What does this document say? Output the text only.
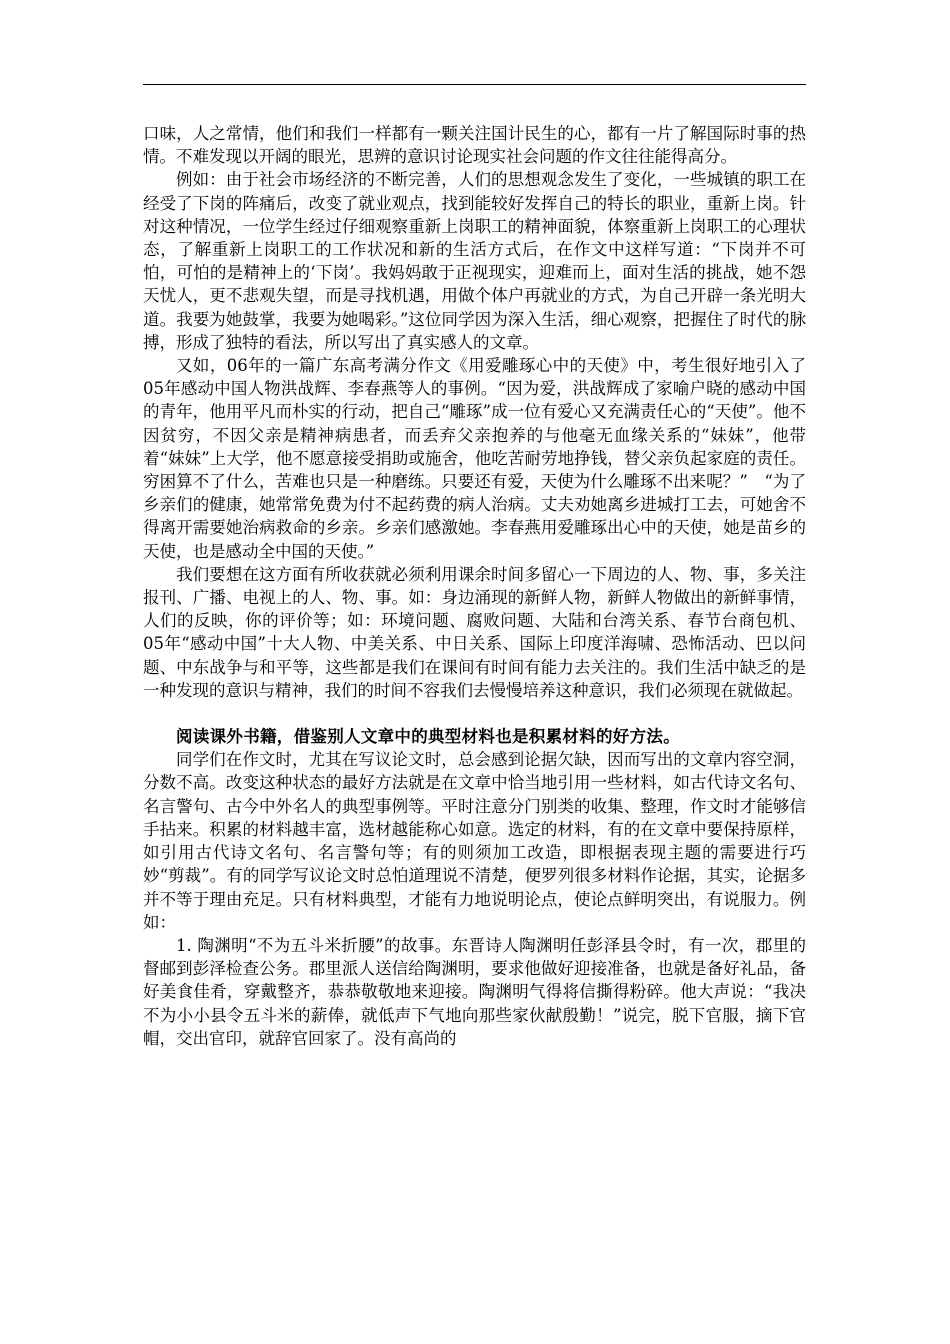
口味，人之常情，他们和我们一样都有一颗关注国计民生的心，都有一片了解国际时事的热情。不难发现以开阔的眼光，思辨的意识讨论现实社会问题的作文往往能得高分。

例如：由于社会市场经济的不断完善，人们的思想观念发生了变化，一些城镇的职工在经受了下岗的阵痛后，改变了就业观点，找到能较好发挥自己的特长的职业，重新上岗。针对这种情况，一位学生经过仔细观察重新上岗职工的精神面貌，体察重新上岗职工的心理状态，了解重新上岗职工的工作状况和新的生活方式后，在作文中这样写道：“下岗并不可怕，可怕的是精神上的‘下岗’。我妈妈敢于正视现实，迎难而上，面对生活的挑战，她不怨天忧人，更不悲观失望，而是寻找机遇，用做个体户再就业的方式，为自己开辟一条光明大道。我要为她鼓掌，我要为她喝彩。”这位同学因为深入生活，细心观察，把握住了时代的脉搏，形成了独特的看法，所以写出了真实感人的文章。

又如，06年的一篇广东高考满分作文《用爱雕琢心中的天使》中，考生很好地引入了05年感动中国人物洪战辉、李春燕等人的事例。“因为爱，洪战辉成了家喻户晓的感动中国的青年，他用平凡而朴实的行动，把自己“雕琢”成一位有爱心又充满责任心的“天使”。他不因贫穷，不因父亲是精神病患者，而丢弃父亲抱养的与他毫无血缘关系的“妹妹”，他带着“妹妹”上大学，他不愿意接受捐助或施舍，他吃苦耐劳地挣钱，替父亲负起家庭的责任。穷困算不了什么，苦难也只是一种磨练。只要还有爱，天使为什么雕琢不出来呢？”　“为了乡亲们的健康，她常常免费为付不起药费的病人治病。丈夫劝她离乡进城打工去，可她舍不得离开需要她治病救命的乡亲。乡亲们感激她。李春燕用爱雕琢出心中的天使，她是苗乡的天使，也是感动全中国的天使。”

我们要想在这方面有所收获就必须利用课余时间多留心一下周边的人、物、事，多关注报刊、广播、电视上的人、物、事。如：身边涌现的新鲜人物，新鲜人物做出的新鲜事情，人们的反映，你的评价等；如：环境问题、腐败问题、大陆和台湾关系、春节台商包机、05年“感动中国”十大人物、中美关系、中日关系、国际上印度洋海啸、恐怖活动、巴以问题、中东战争与和平等，这些都是我们在课间有时间有能力去关注的。我们生活中缺乏的是一种发现的意识与精神，我们的时间不容我们去慢慢培养这种意识，我们必须现在就做起。

阅读课外书籍，借鉴别人文章中的典型材料也是积累材料的好方法。

同学们在作文时，尤其在写议论文时，总会感到论据欠缺，因而写出的文章内容空洞，分数不高。改变这种状态的最好方法就是在文章中恰当地引用一些材料，如古代诗文名句、名言警句、古今中外名人的典型事例等。平时注意分门别类的收集、整理，作文时才能够信手拈来。积累的材料越丰富，选材越能称心如意。选定的材料，有的在文章中要保持原样，如引用古代诗文名句、名言警句等；有的则须加工改造，即根据表现主题的需要进行巧妙“剪裁”。有的同学写议论文时总怕道理说不清楚，便罗列很多材料作论据，其实，论据多并不等于理由充足。只有材料典型，才能有力地说明论点，使论点鲜明突出，有说服力。例如：

1. 陶渊明“不为五斗米折腰”的故事。东晋诗人陶渊明任彭泽县令时，有一次，郡里的督邮到彭泽检查公务。郡里派人送信给陶渊明，要求他做好迎接准备，也就是备好礼品，备好美食佳肴，穿戴整齐，恭恭敬敬地来迎接。陶渊明气得将信撕得粉碎。他大声说：“我决不为小小县令五斗米的薪俸，就低声下气地向那些家伙献殷勤！”说完，脱下官服，摘下官帽，交出官印，就辞官回家了。没有高尚的
